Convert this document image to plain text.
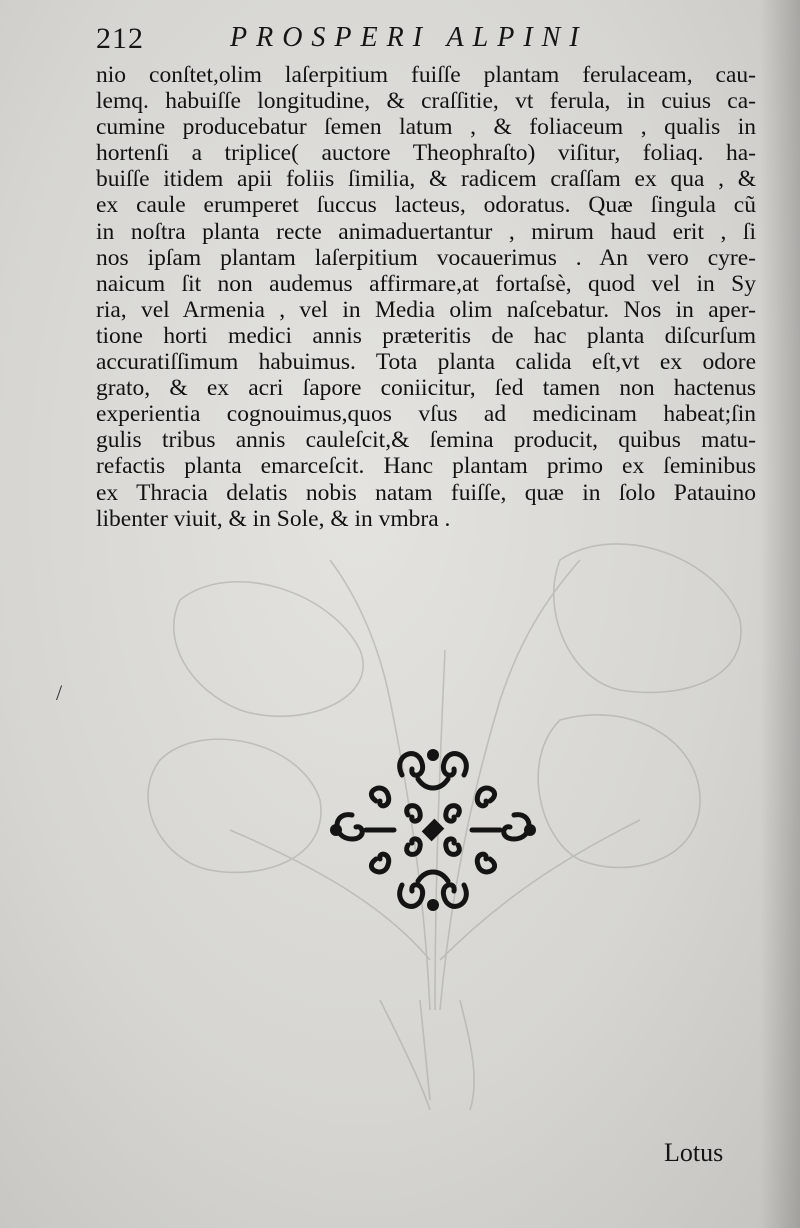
212	PROSPERI ALPINI
nio conſtet,olim laſerpitium fuiſſe plantam ferulaceam, cau-
lemq. habuiſſe longitudine, & craſſitie, vt ferula, in cuius ca-
cumine producebatur ſemen latum , & foliaceum , qualis in
hortenſi a triplice( auctore Theophraſto) viſitur, foliaq. ha-
buiſſe itidem apii foliis ſimilia, & radicem craſſam ex qua , &
ex caule erumperet ſuccus lacteus, odoratus. Quæ ſingula cũ
in noſtra planta recte animaduertantur , mirum haud erit , ſi
nos ipſam plantam laſerpitium vocauerimus . An vero cyre-
naicum ſit non audemus affirmare,at fortaſsè, quod vel in Sy
ria, vel Armenia , vel in Media olim naſcebatur. Nos in aper-
tione horti medici annis præteritis de hac planta diſcurſum
accuratiſſimum habuimus. Tota planta calida eſt,vt ex odore
grato, & ex acri ſapore coniicitur, ſed tamen non hactenus
experientia cognouimus,quos vſus ad medicinam habeat;ſin
gulis tribus annis cauleſcit,& ſemina producit, quibus matu-
refactis planta emarceſcit. Hanc plantam primo ex ſeminibus
ex Thracia delatis nobis natam fuiſſe, quæ in ſolo Patauino
libenter viuit, & in Sole, & in vmbra .
/
Lotus
